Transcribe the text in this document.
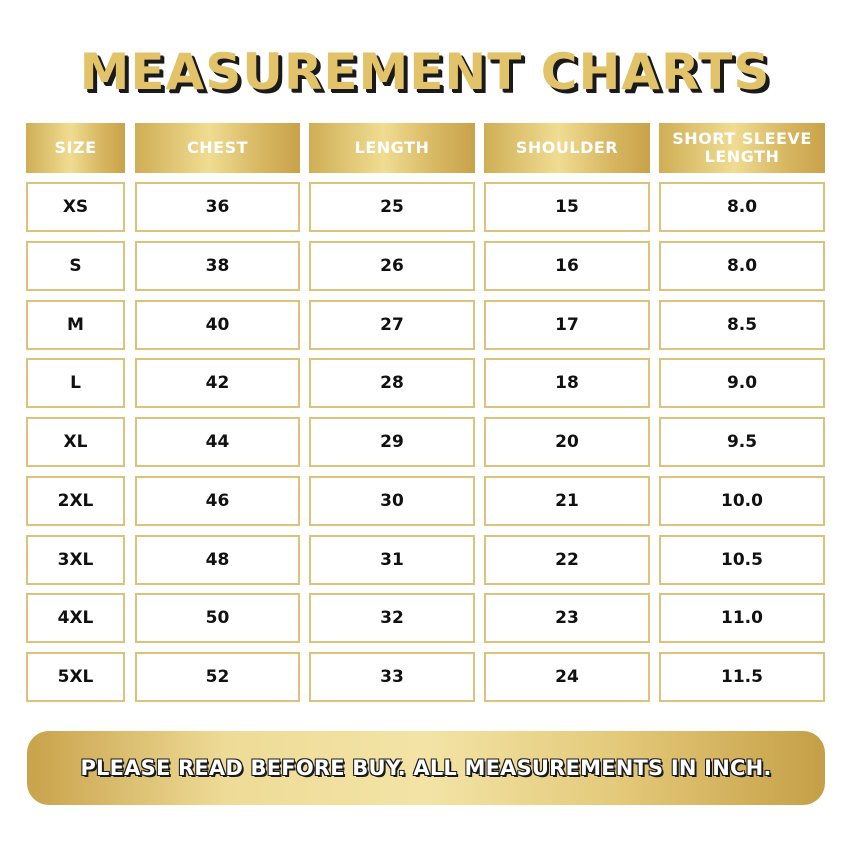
MEASUREMENT CHARTS
SIZE	CHEST	LENGTH	SHOULDER	SHORT SLEEVE LENGTH
XS	36	25	15	8.0
S	38	26	16	8.0
M	40	27	17	8.5
L	42	28	18	9.0
XL	44	29	20	9.5
2XL	46	30	21	10.0
3XL	48	31	22	10.5
4XL	50	32	23	11.0
5XL	52	33	24	11.5
PLEASE READ BEFORE BUY. ALL MEASUREMENTS IN INCH.
